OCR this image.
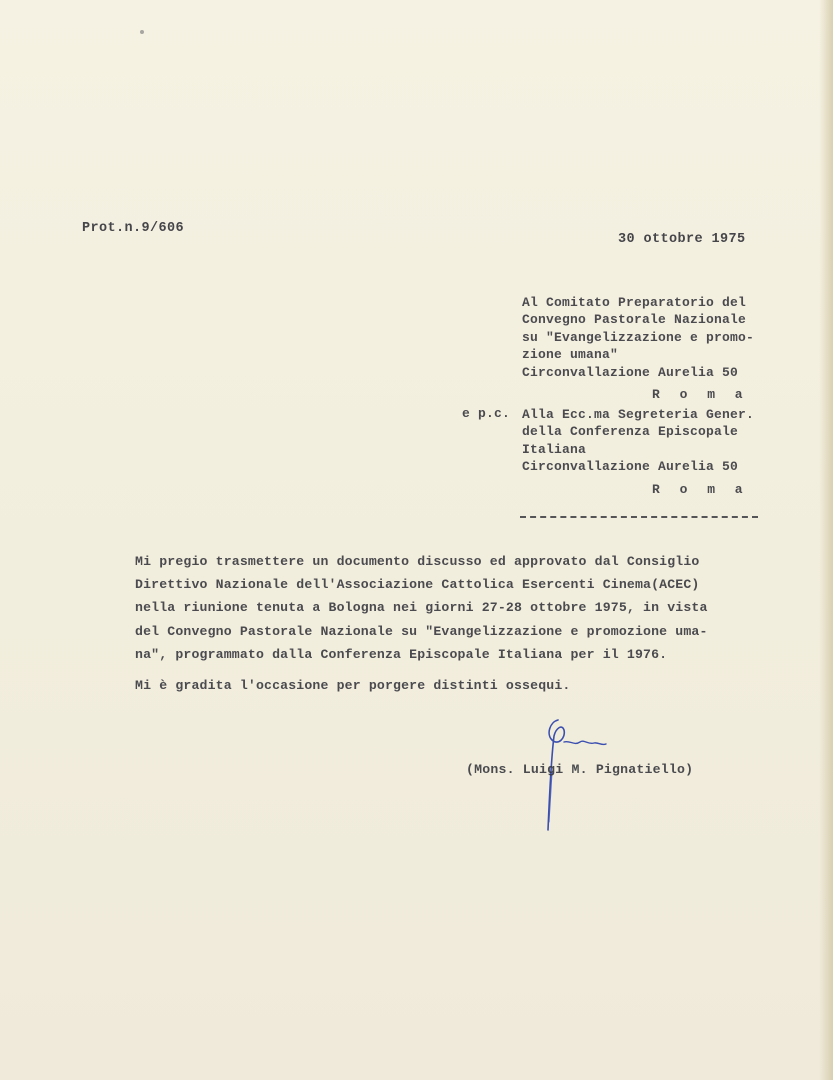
Prot.n.9/606
30 ottobre 1975
Al Comitato Preparatorio del
Convegno Pastorale Nazionale
su "Evangelizzazione e promo-
zione umana"
Circonvallazione Aurelia 50
R o m a
e p.c. Alla Ecc.ma Segreteria Gener.
della Conferenza Episcopale
Italiana
Circonvallazione Aurelia 50
R o m a
Mi pregio trasmettere un documento discusso ed approvato dal Consiglio
Direttivo Nazionale dell'Associazione Cattolica Esercenti Cinema(ACEC)
nella riunione tenuta a Bologna nei giorni 27-28 ottobre 1975, in vista
del Convegno Pastorale Nazionale su "Evangelizzazione e promozione uma-
na", programmato dalla Conferenza Episcopale Italiana per il 1976.
Mi è gradita l'occasione per porgere distinti ossequi.
(Mons. Luigi M. Pignatiello)
